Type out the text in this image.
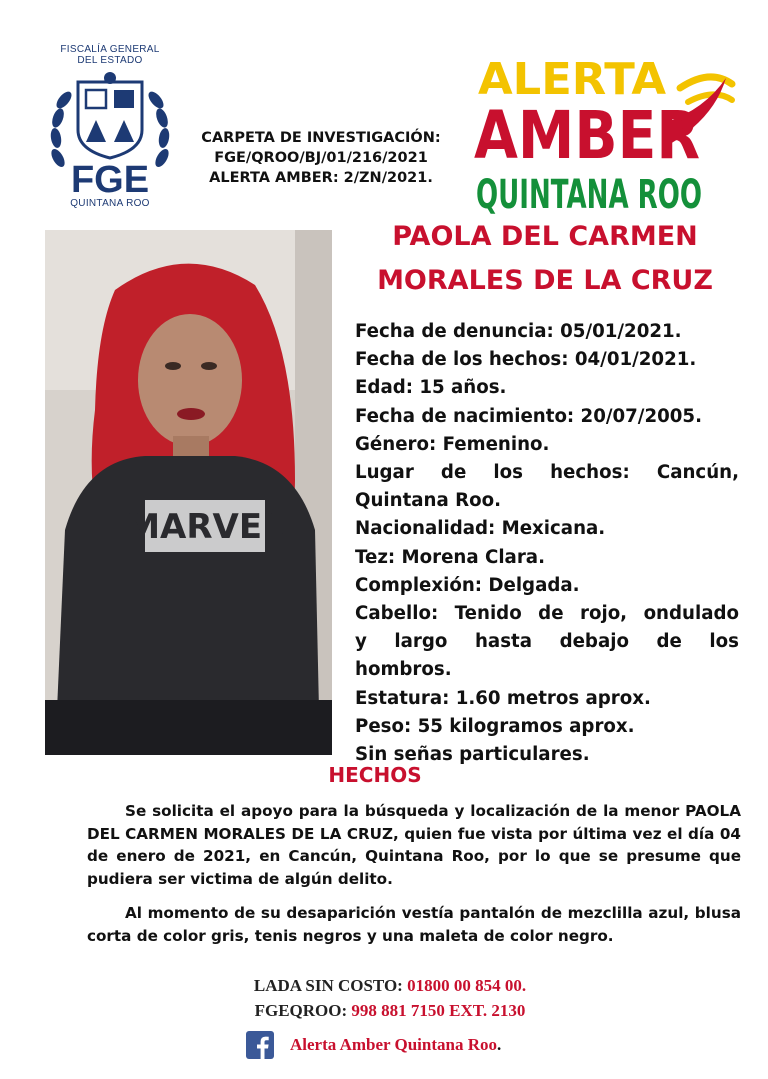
FISCALÍA GENERAL
DEL ESTADO
FGE
QUINTANA ROO
CARPETA DE INVESTIGACIÓN:
FGE/QROO/BJ/01/216/2021
ALERTA AMBER: 2/ZN/2021.
ALERTA
AMBER
QUINTANA ROO
PAOLA DEL CARMEN
MORALES DE LA CRUZ
MARVEL
Fecha de denuncia: 05/01/2021.
Fecha de los hechos: 04/01/2021.
Edad: 15 años.
Fecha de nacimiento: 20/07/2005.
Género: Femenino.
Lugar de los hechos: Cancún,
Quintana Roo.
Nacionalidad: Mexicana.
Tez: Morena Clara.
Complexión: Delgada.
Cabello: Tenido de rojo, ondulado
y largo hasta debajo de los
hombros.
Estatura: 1.60 metros aprox.
Peso: 55 kilogramos aprox.
Sin señas particulares.
HECHOS
Se solicita el apoyo para la búsqueda y localización de la menor PAOLA DEL CARMEN MORALES DE LA CRUZ, quien fue vista por última vez el día 04 de enero de 2021, en Cancún, Quintana Roo, por lo que se presume que pudiera ser victima de algún delito.
Al momento de su desaparición vestía pantalón de mezclilla azul, blusa corta de color gris, tenis negros y una maleta de color negro.
LADA SIN COSTO: 01800 00 854 00.
FGEQROO: 998 881 7150 EXT. 2130
Alerta Amber Quintana Roo.
